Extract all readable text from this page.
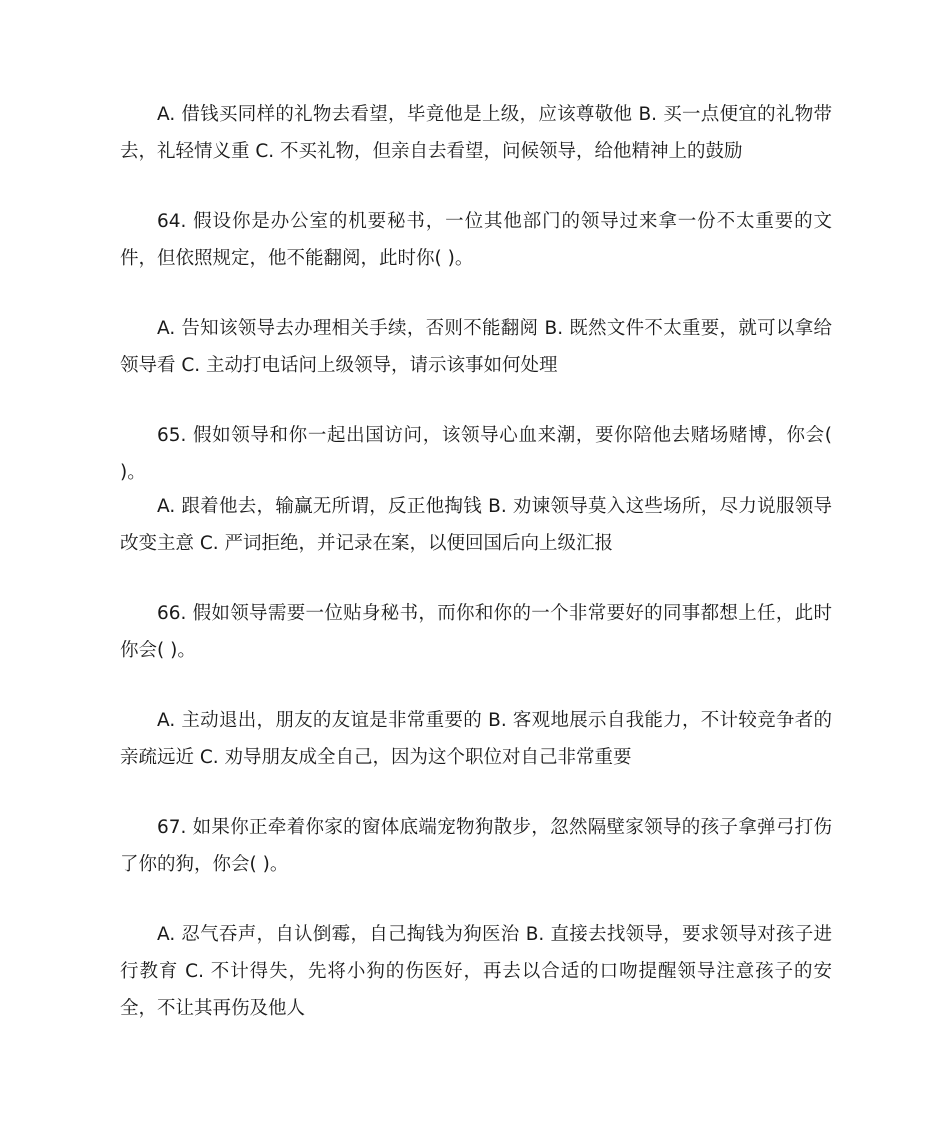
A. 借钱买同样的礼物去看望，毕竟他是上级，应该尊敬他 B. 买一点便宜的礼物带去，礼轻情义重 C. 不买礼物，但亲自去看望，问候领导，给他精神上的鼓励

64. 假设你是办公室的机要秘书，一位其他部门的领导过来拿一份不太重要的文件，但依照规定，他不能翻阅，此时你( )。

A. 告知该领导去办理相关手续，否则不能翻阅 B. 既然文件不太重要，就可以拿给领导看 C. 主动打电话问上级领导，请示该事如何处理

65. 假如领导和你一起出国访问，该领导心血来潮，要你陪他去赌场赌博，你会( )。

A. 跟着他去，输赢无所谓，反正他掏钱 B. 劝谏领导莫入这些场所，尽力说服领导改变主意 C. 严词拒绝，并记录在案，以便回国后向上级汇报

66. 假如领导需要一位贴身秘书，而你和你的一个非常要好的同事都想上任，此时你会( )。

A. 主动退出，朋友的友谊是非常重要的 B. 客观地展示自我能力，不计较竞争者的亲疏远近 C. 劝导朋友成全自己，因为这个职位对自己非常重要

67. 如果你正牵着你家的窗体底端宠物狗散步，忽然隔壁家领导的孩子拿弹弓打伤了你的狗，你会( )。

A. 忍气吞声，自认倒霉，自己掏钱为狗医治 B. 直接去找领导，要求领导对孩子进行教育 C. 不计得失，先将小狗的伤医好，再去以合适的口吻提醒领导注意孩子的安全，不让其再伤及他人
